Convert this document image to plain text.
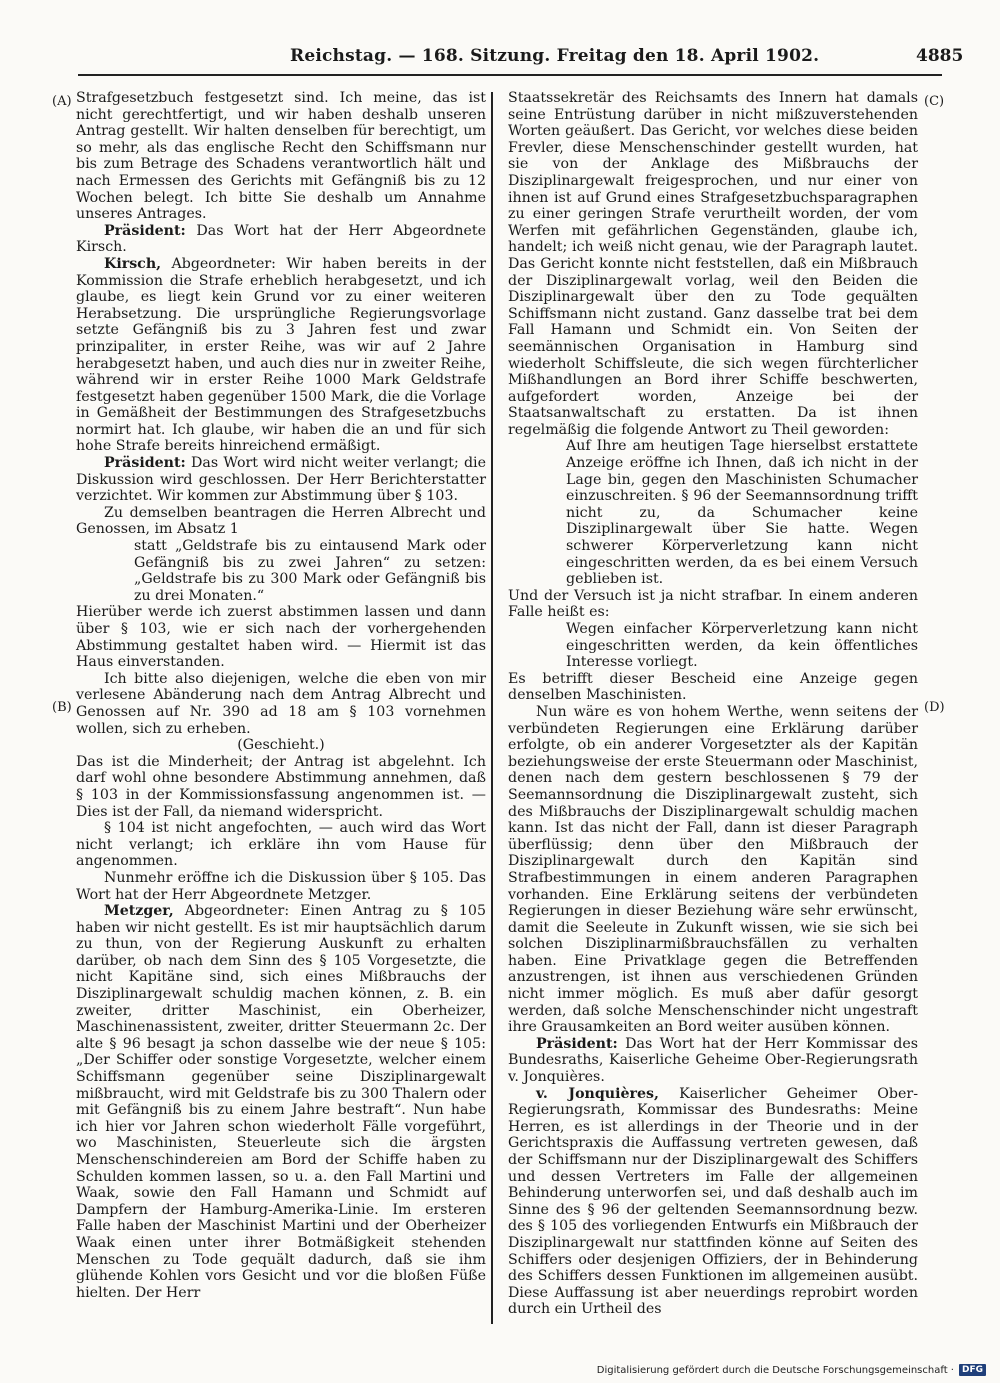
Reichstag. — 168. Sitzung. Freitag den 18. April 1902.	4885
(A)
(B)
(C)
(D)

Strafgesetzbuch festgesetzt sind. Ich meine, das ist nicht gerechtfertigt, und wir haben deshalb unseren Antrag gestellt. Wir halten denselben für berechtigt, um so mehr, als das englische Recht den Schiffsmann nur bis zum Betrage des Schadens verantwortlich hält und nach Ermessen des Gerichts mit Gefängniß bis zu 12 Wochen belegt. Ich bitte Sie deshalb um Annahme unseres Antrages.

Präsident: Das Wort hat der Herr Abgeordnete Kirsch.

Kirsch, Abgeordneter: Wir haben bereits in der Kommission die Strafe erheblich herabgesetzt, und ich glaube, es liegt kein Grund vor zu einer weiteren Herabsetzung. Die ursprüngliche Regierungsvorlage setzte Gefängniß bis zu 3 Jahren fest und zwar prinzipaliter, in erster Reihe, was wir auf 2 Jahre herabgesetzt haben, und auch dies nur in zweiter Reihe, während wir in erster Reihe 1000 Mark Geldstrafe festgesetzt haben gegenüber 1500 Mark, die die Vorlage in Gemäßheit der Bestimmungen des Strafgesetzbuchs normirt hat. Ich glaube, wir haben die an und für sich hohe Strafe bereits hinreichend ermäßigt.

Präsident: Das Wort wird nicht weiter verlangt; die Diskussion wird geschlossen. Der Herr Berichterstatter verzichtet. Wir kommen zur Abstimmung über § 103.

Zu demselben beantragen die Herren Albrecht und Genossen, im Absatz 1

statt „Geldstrafe bis zu eintausend Mark oder Gefängniß bis zu zwei Jahren“ zu setzen: „Geldstrafe bis zu 300 Mark oder Gefängniß bis zu drei Monaten.“

Hierüber werde ich zuerst abstimmen lassen und dann über § 103, wie er sich nach der vorhergehenden Abstimmung gestaltet haben wird. — Hiermit ist das Haus einverstanden.

Ich bitte also diejenigen, welche die eben von mir verlesene Abänderung nach dem Antrag Albrecht und Genossen auf Nr. 390 ad 18 am § 103 vornehmen wollen, sich zu erheben.

(Geschieht.)

Das ist die Minderheit; der Antrag ist abgelehnt. Ich darf wohl ohne besondere Abstimmung annehmen, daß § 103 in der Kommissionsfassung angenommen ist. — Dies ist der Fall, da niemand widerspricht.

§ 104 ist nicht angefochten, — auch wird das Wort nicht verlangt; ich erkläre ihn vom Hause für angenommen.

Nunmehr eröffne ich die Diskussion über § 105. Das Wort hat der Herr Abgeordnete Metzger.

Metzger, Abgeordneter: Einen Antrag zu § 105 haben wir nicht gestellt. Es ist mir hauptsächlich darum zu thun, von der Regierung Auskunft zu erhalten darüber, ob nach dem Sinn des § 105 Vorgesetzte, die nicht Kapitäne sind, sich eines Mißbrauchs der Disziplinargewalt schuldig machen können, z. B. ein zweiter, dritter Maschinist, ein Oberheizer, Maschinenassistent, zweiter, dritter Steuermann 2c. Der alte § 96 besagt ja schon dasselbe wie der neue § 105: „Der Schiffer oder sonstige Vorgesetzte, welcher einem Schiffsmann gegenüber seine Disziplinargewalt mißbraucht, wird mit Geldstrafe bis zu 300 Thalern oder mit Gefängniß bis zu einem Jahre bestraft“. Nun habe ich hier vor Jahren schon wiederholt Fälle vorgeführt, wo Maschinisten, Steuerleute sich die ärgsten Menschenschindereien am Bord der Schiffe haben zu Schulden kommen lassen, so u. a. den Fall Martini und Waak, sowie den Fall Hamann und Schmidt auf Dampfern der Hamburg-Amerika-Linie. Im ersteren Falle haben der Maschinist Martini und der Oberheizer Waak einen unter ihrer Botmäßigkeit stehenden Menschen zu Tode gequält dadurch, daß sie ihm glühende Kohlen vors Gesicht und vor die bloßen Füße hielten. Der Herr

Staatssekretär des Reichsamts des Innern hat damals seine Entrüstung darüber in nicht mißzuverstehenden Worten geäußert. Das Gericht, vor welches diese beiden Frevler, diese Menschenschinder gestellt wurden, hat sie von der Anklage des Mißbrauchs der Disziplinargewalt freigesprochen, und nur einer von ihnen ist auf Grund eines Strafgesetzbuchsparagraphen zu einer geringen Strafe verurtheilt worden, der vom Werfen mit gefährlichen Gegenständen, glaube ich, handelt; ich weiß nicht genau, wie der Paragraph lautet. Das Gericht konnte nicht feststellen, daß ein Mißbrauch der Disziplinargewalt vorlag, weil den Beiden die Disziplinargewalt über den zu Tode gequälten Schiffsmann nicht zustand. Ganz dasselbe trat bei dem Fall Hamann und Schmidt ein. Von Seiten der seemännischen Organisation in Hamburg sind wiederholt Schiffsleute, die sich wegen fürchterlicher Mißhandlungen an Bord ihrer Schiffe beschwerten, aufgefordert worden, Anzeige bei der Staatsanwaltschaft zu erstatten. Da ist ihnen regelmäßig die folgende Antwort zu Theil geworden:

Auf Ihre am heutigen Tage hierselbst erstattete Anzeige eröffne ich Ihnen, daß ich nicht in der Lage bin, gegen den Maschinisten Schumacher einzuschreiten. § 96 der Seemannsordnung trifft nicht zu, da Schumacher keine Disziplinargewalt über Sie hatte. Wegen schwerer Körperverletzung kann nicht eingeschritten werden, da es bei einem Versuch geblieben ist.

Und der Versuch ist ja nicht strafbar. In einem anderen Falle heißt es:

Wegen einfacher Körperverletzung kann nicht eingeschritten werden, da kein öffentliches Interesse vorliegt.

Es betrifft dieser Bescheid eine Anzeige gegen denselben Maschinisten.

Nun wäre es von hohem Werthe, wenn seitens der verbündeten Regierungen eine Erklärung darüber erfolgte, ob ein anderer Vorgesetzter als der Kapitän beziehungsweise der erste Steuermann oder Maschinist, denen nach dem gestern beschlossenen § 79 der Seemannsordnung die Disziplinargewalt zusteht, sich des Mißbrauchs der Disziplinargewalt schuldig machen kann. Ist das nicht der Fall, dann ist dieser Paragraph überflüssig; denn über den Mißbrauch der Disziplinargewalt durch den Kapitän sind Strafbestimmungen in einem anderen Paragraphen vorhanden. Eine Erklärung seitens der verbündeten Regierungen in dieser Beziehung wäre sehr erwünscht, damit die Seeleute in Zukunft wissen, wie sie sich bei solchen Disziplinarmißbrauchsfällen zu verhalten haben. Eine Privatklage gegen die Betreffenden anzustrengen, ist ihnen aus verschiedenen Gründen nicht immer möglich. Es muß aber dafür gesorgt werden, daß solche Menschenschinder nicht ungestraft ihre Grausamkeiten an Bord weiter ausüben können.

Präsident: Das Wort hat der Herr Kommissar des Bundesraths, Kaiserliche Geheime Ober-Regierungsrath v. Jonquières.

v. Jonquières, Kaiserlicher Geheimer Ober-Regierungsrath, Kommissar des Bundesraths: Meine Herren, es ist allerdings in der Theorie und in der Gerichtspraxis die Auffassung vertreten gewesen, daß der Schiffsmann nur der Disziplinargewalt des Schiffers und dessen Vertreters im Falle der allgemeinen Behinderung unterworfen sei, und daß deshalb auch im Sinne des § 96 der geltenden Seemannsordnung bezw. des § 105 des vorliegenden Entwurfs ein Mißbrauch der Disziplinargewalt nur stattfinden könne auf Seiten des Schiffers oder desjenigen Offiziers, der in Behinderung des Schiffers dessen Funktionen im allgemeinen ausübt. Diese Auffassung ist aber neuerdings reprobirt worden durch ein Urtheil des

Digitalisierung gefördert durch die Deutsche Forschungsgemeinschaft · DFG
